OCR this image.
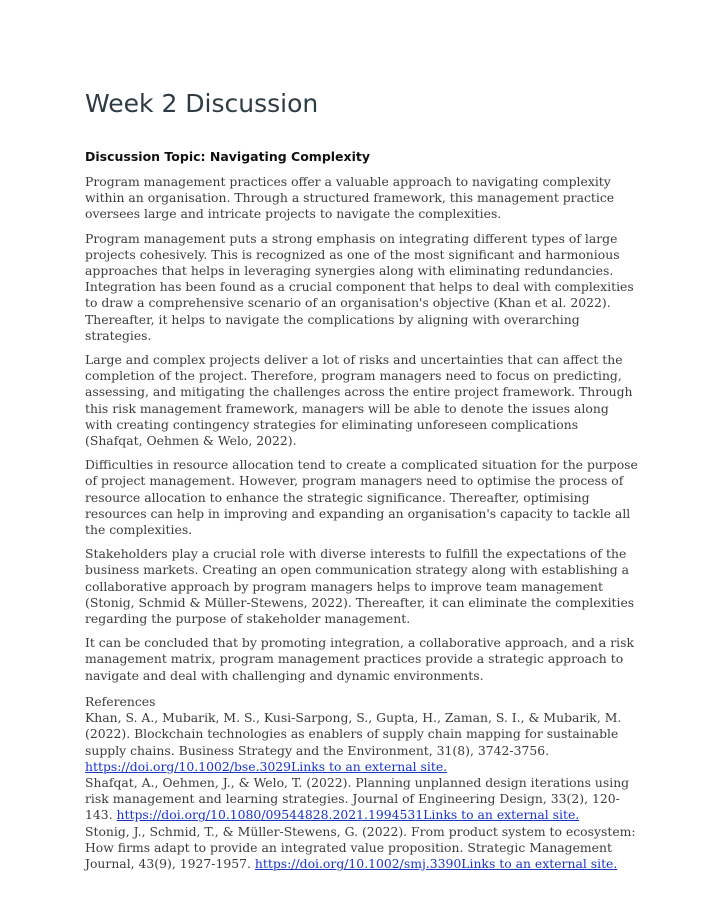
Week 2 Discussion
Discussion Topic: Navigating Complexity

Program management practices offer a valuable approach to navigating complexity within an organisation. Through a structured framework, this management practice oversees large and intricate projects to navigate the complexities.

Program management puts a strong emphasis on integrating different types of large projects cohesively. This is recognized as one of the most significant and harmonious approaches that helps in leveraging synergies along with eliminating redundancies. Integration has been found as a crucial component that helps to deal with complexities to draw a comprehensive scenario of an organisation's objective (Khan et al. 2022). Thereafter, it helps to navigate the complications by aligning with overarching strategies.

Large and complex projects deliver a lot of risks and uncertainties that can affect the completion of the project. Therefore, program managers need to focus on predicting, assessing, and mitigating the challenges across the entire project framework. Through this risk management framework, managers will be able to denote the issues along with creating contingency strategies for eliminating unforeseen complications (Shafqat, Oehmen & Welo, 2022).

Difficulties in resource allocation tend to create a complicated situation for the purpose of project management. However, program managers need to optimise the process of resource allocation to enhance the strategic significance. Thereafter, optimising resources can help in improving and expanding an organisation's capacity to tackle all the complexities.

Stakeholders play a crucial role with diverse interests to fulfill the expectations of the business markets. Creating an open communication strategy along with establishing a collaborative approach by program managers helps to improve team management (Stonig, Schmid & Müller-Stewens, 2022). Thereafter, it can eliminate the complexities regarding the purpose of stakeholder management.

It can be concluded that by promoting integration, a collaborative approach, and a risk management matrix, program management practices provide a strategic approach to navigate and deal with challenging and dynamic environments.

References

Khan, S. A., Mubarik, M. S., Kusi-Sarpong, S., Gupta, H., Zaman, S. I., & Mubarik, M. (2022). Blockchain technologies as enablers of supply chain mapping for sustainable supply chains. Business Strategy and the Environment, 31(8), 3742-3756. https://doi.org/10.1002/bse.3029Links to an external site.

Shafqat, A., Oehmen, J., & Welo, T. (2022). Planning unplanned design iterations using risk management and learning strategies. Journal of Engineering Design, 33(2), 120-143. https://doi.org/10.1080/09544828.2021.1994531Links to an external site.

Stonig, J., Schmid, T., & Müller-Stewens, G. (2022). From product system to ecosystem: How firms adapt to provide an integrated value proposition. Strategic Management Journal, 43(9), 1927-1957. https://doi.org/10.1002/smj.3390Links to an external site.
